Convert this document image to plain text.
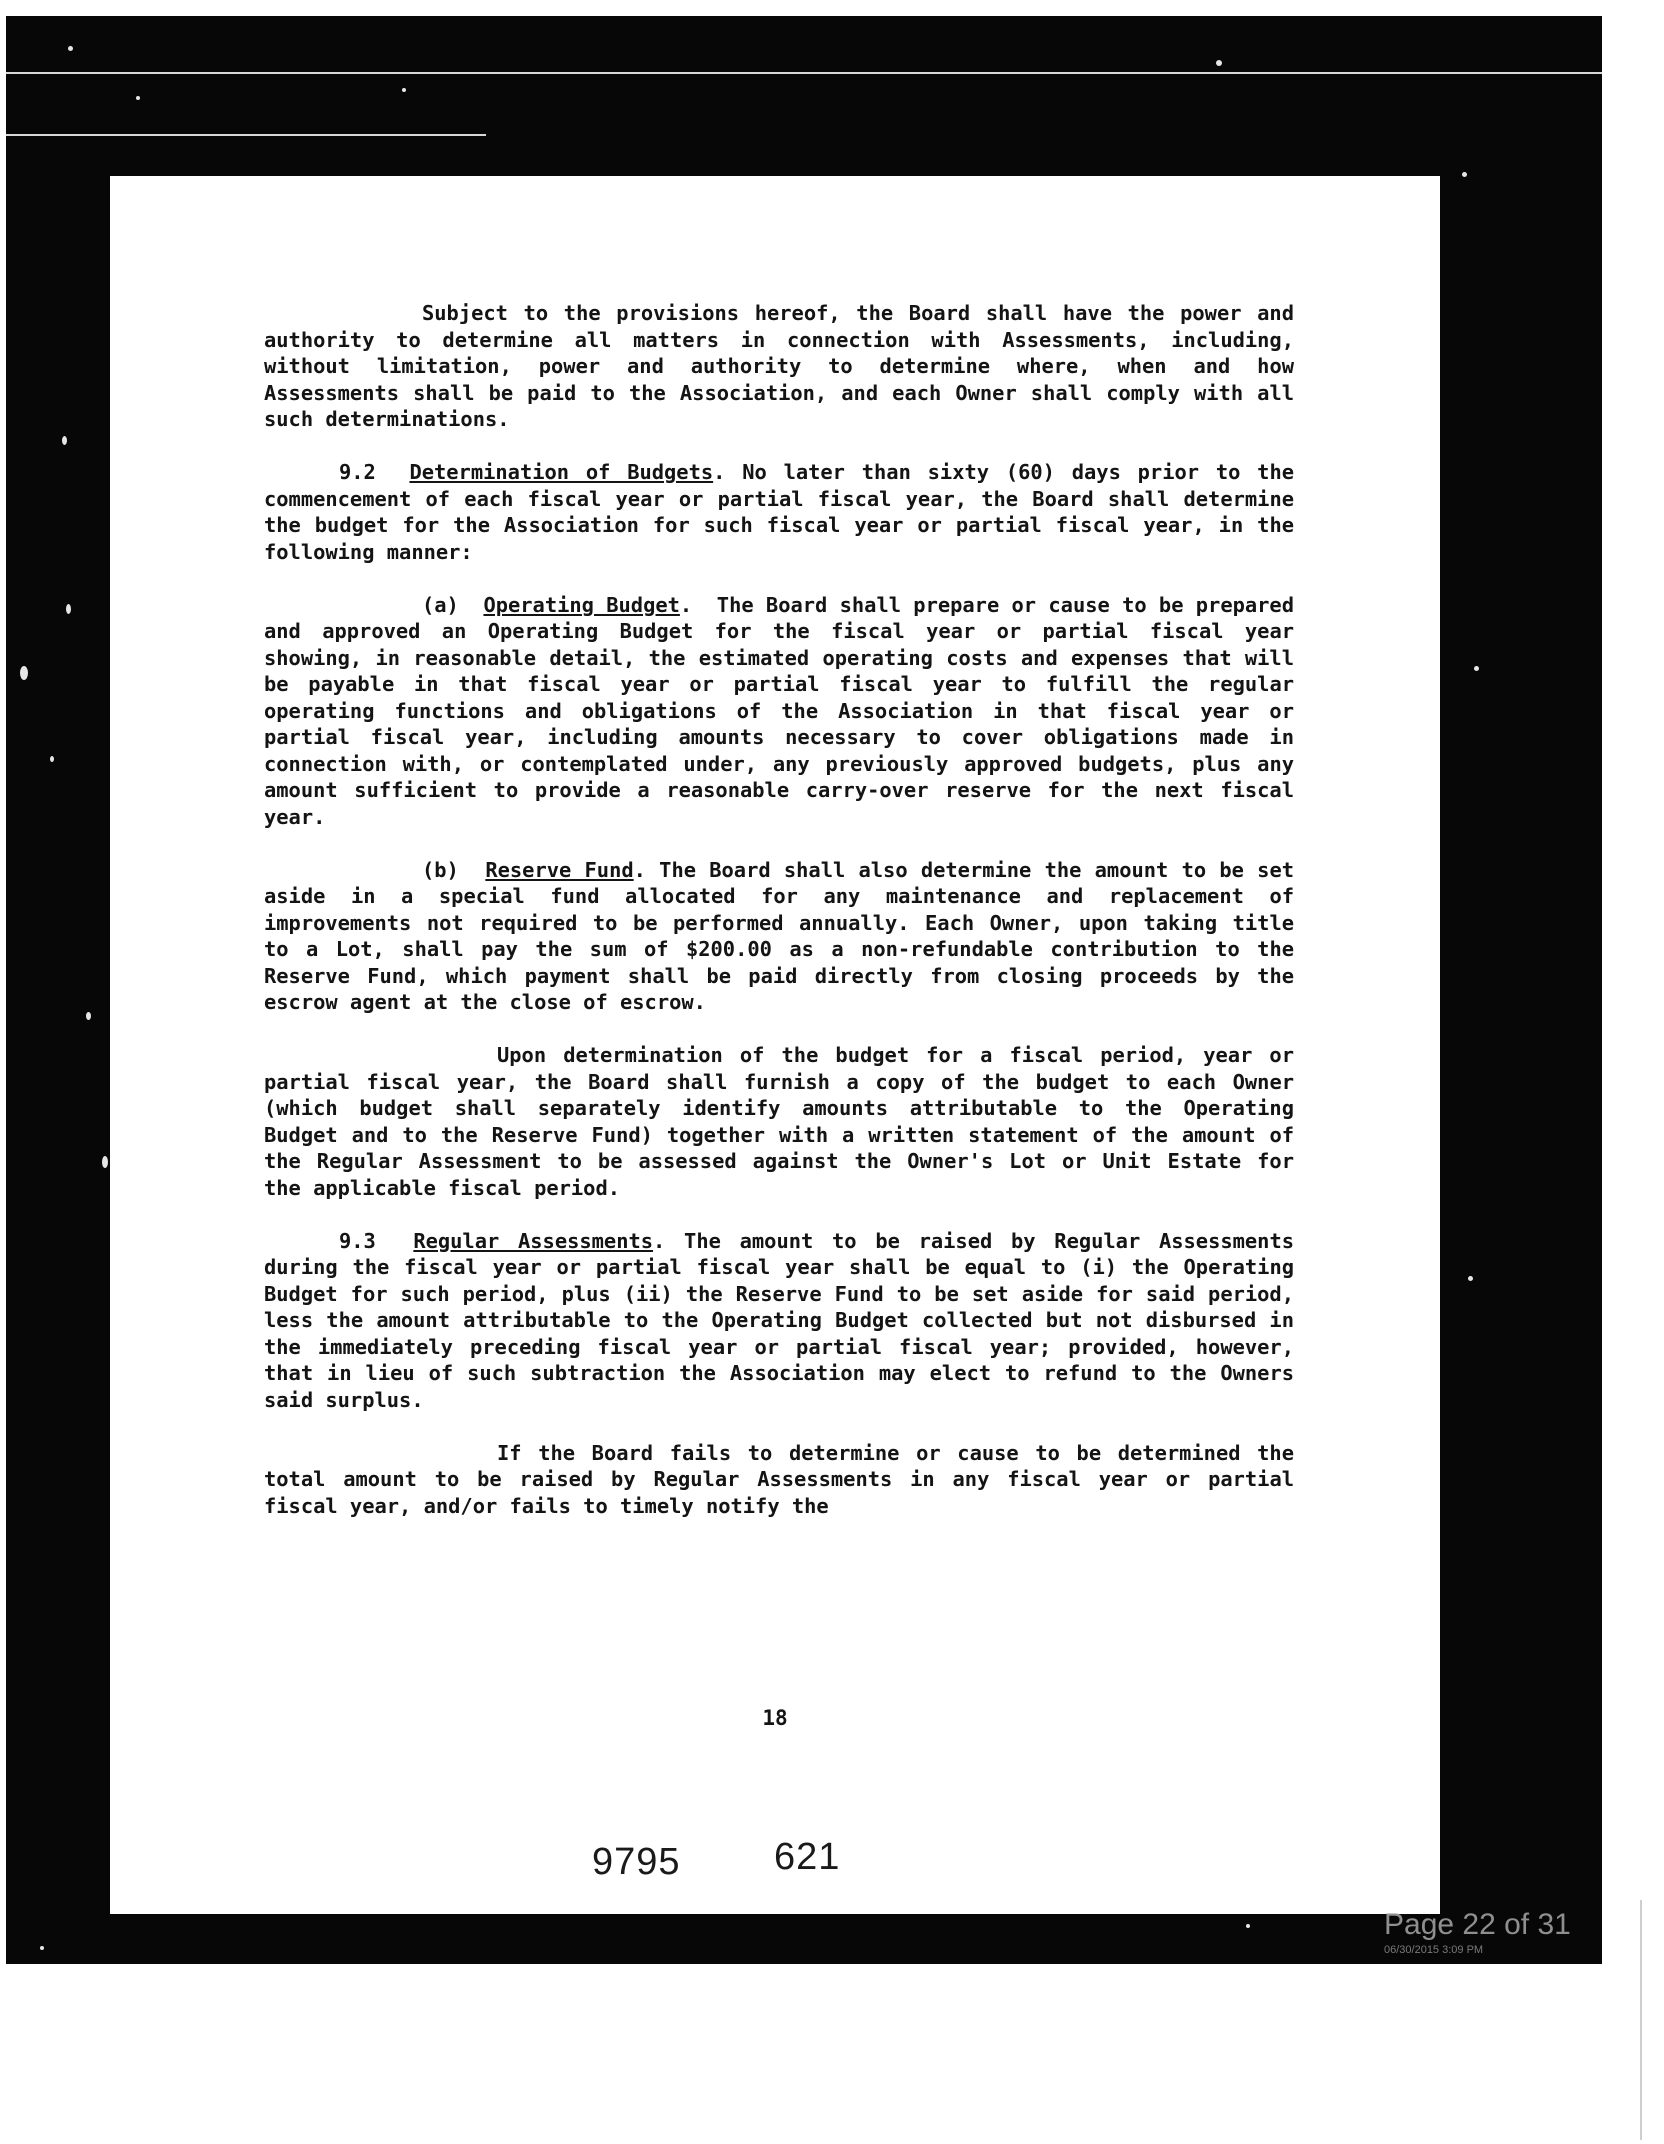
Subject to the provisions hereof, the Board shall have the power and authority to determine all matters in connection with Assessments, including, without limitation, power and authority to determine where, when and how Assessments shall be paid to the Association, and each Owner shall comply with all such determinations.

9.2 Determination of Budgets. No later than sixty (60) days prior to the commencement of each fiscal year or partial fiscal year, the Board shall determine the budget for the Association for such fiscal year or partial fiscal year, in the following manner:

(a) Operating Budget.  The Board shall prepare or cause to be prepared and approved an Operating Budget for the fiscal year or partial fiscal year showing, in reasonable detail, the estimated operating costs and expenses that will be payable in that fiscal year or partial fiscal year to fulfill the regular operating functions and obligations of the Association in that fiscal year or partial fiscal year, including amounts necessary to cover obligations made in connection with, or contemplated under, any previously approved budgets, plus any amount sufficient to provide a reasonable carry-over reserve for the next fiscal year.

(b) Reserve Fund. The Board shall also determine the amount to be set aside in a special fund allocated for any maintenance and replacement of improvements not required to be performed annually. Each Owner, upon taking title to a Lot, shall pay the sum of $200.00 as a non-refundable contribution to the Reserve Fund, which payment shall be paid directly from closing proceeds by the escrow agent at the close of escrow.

Upon determination of the budget for a fiscal period, year or partial fiscal year, the Board shall furnish a copy of the budget to each Owner (which budget shall separately identify amounts attributable to the Operating Budget and to the Reserve Fund) together with a written statement of the amount of the Regular Assessment to be assessed against the Owner's Lot or Unit Estate for the applicable fiscal period.

9.3 Regular Assessments. The amount to be raised by Regular Assessments during the fiscal year or partial fiscal year shall be equal to (i) the Operating Budget for such period, plus (ii) the Reserve Fund to be set aside for said period, less the amount attributable to the Operating Budget collected but not disbursed in the immediately preceding fiscal year or partial fiscal year; provided, however, that in lieu of such subtraction the Association may elect to refund to the Owners said surplus.

If the Board fails to determine or cause to be determined the total amount to be raised by Regular Assessments in any fiscal year or partial fiscal year, and/or fails to timely notify the

18
9795 621
Page 22 of 31
06/30/2015 3:09 PM
